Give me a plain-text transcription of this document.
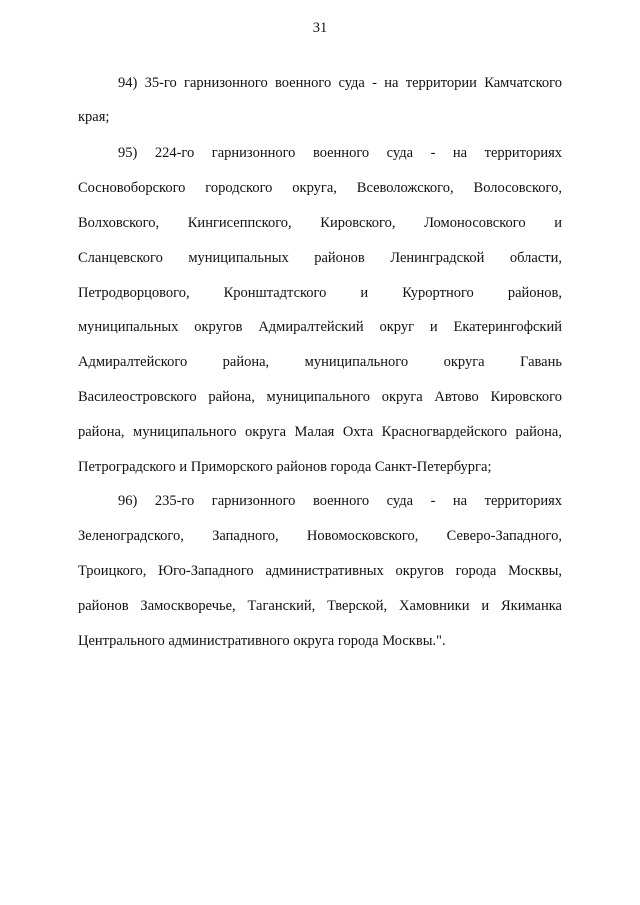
31
94) 35-го гарнизонного военного суда - на территории Камчатского
края;
95) 224-го гарнизонного военного суда - на территориях
Сосновоборского городского округа, Всеволожского, Волосовского,
Волховского, Кингисеппского, Кировского, Ломоносовского и
Сланцевского муниципальных районов Ленинградской области,
Петродворцового, Кронштадтского и Курортного районов,
муниципальных округов Адмиралтейский округ и Екатерингофский
Адмиралтейского района, муниципального округа Гавань
Василеостровского района, муниципального округа Автово Кировского
района, муниципального округа Малая Охта Красногвардейского района,
Петроградского и Приморского районов города Санкт-Петербурга;
96) 235-го гарнизонного военного суда - на территориях
Зеленоградского, Западного, Новомосковского, Северо-Западного,
Троицкого, Юго-Западного административных округов города Москвы,
районов Замоскворечье, Таганский, Тверской, Хамовники и Якиманка
Центрального административного округа города Москвы.".
